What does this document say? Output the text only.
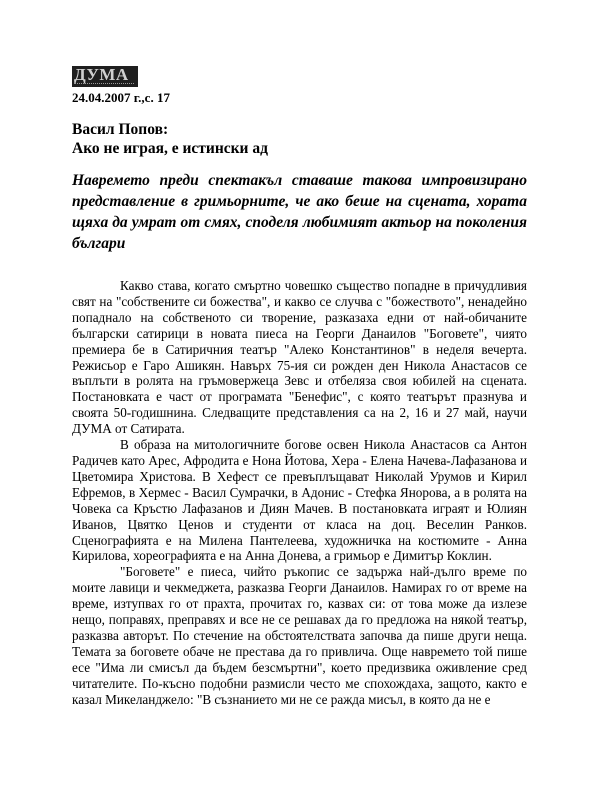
ДУМА
24.04.2007 г.,с. 17
Васил Попов:
Ако не играя, е истински ад

Навремето преди спектакъл ставаше такова импровизирано представление в гримьорните, че ако беше на сцената, хората щяха да умрат от смях, споделя любимият актьор на поколения българи

Какво става, когато смъртно човешко същество попадне в причудливия свят на "собствените си божества", и какво се случва с "божеството", ненадейно попаднало на собственото си творение, разказаха едни от най-обичаните български сатирици в новата пиеса на Георги Данаилов "Боговете", чиято премиера бе в Сатиричния театър "Алеко Константинов" в неделя вечерта. Режисьор е Гаро Ашикян. Навърх 75-ия си рожден ден Никола Анастасов се въплъти в ролята на гръмовержеца Зевс и отбеляза своя юбилей на сцената. Постановката е част от програмата "Бенефис", с която театърът празнува и своята 50-годишнина. Следващите представления са на 2, 16 и 27 май, научи ДУМА от Сатирата.

В образа на митологичните богове освен Никола Анастасов са Антон Радичев като Арес, Афродита е Нона Йотова, Хера - Елена Начева-Лафазанова и Цветомира Христова. В Хефест се превъплъщават Николай Урумов и Кирил Ефремов, в Хермес - Васил Сумрачки, в Адонис - Стефка Янорова, а в ролята на Човека са Кръстю Лафазанов и Диян Мачев. В постановката играят и Юлиян Иванов, Цвятко Ценов и студенти от класа на доц. Веселин Ранков. Сценографията е на Милена Пантелеева, художничка на костюмите - Анна Кирилова, хореографията е на Анна Донева, а гримьор е Димитър Коклин.

"Боговете" е пиеса, чийто ръкопис се задържа най-дълго време по моите лавици и чекмеджета, разказва Георги Данаилов. Намирах го от време на време, изтупвах го от прахта, прочитах го, казвах си: от това може да излезе нещо, поправях, преправях и все не се решавах да го предложа на някой театър, разказва авторът. По стечение на обстоятелствата започва да пише други неща. Темата за боговете обаче не престава да го привлича. Още навремето той пише есе "Има ли смисъл да бъдем безсмъртни", което предизвика оживление сред читателите. По-късно подобни размисли често ме спохождаха, защото, както е казал Микеланджело: "В съзнанието ми не се ражда мисъл, в която да не е
